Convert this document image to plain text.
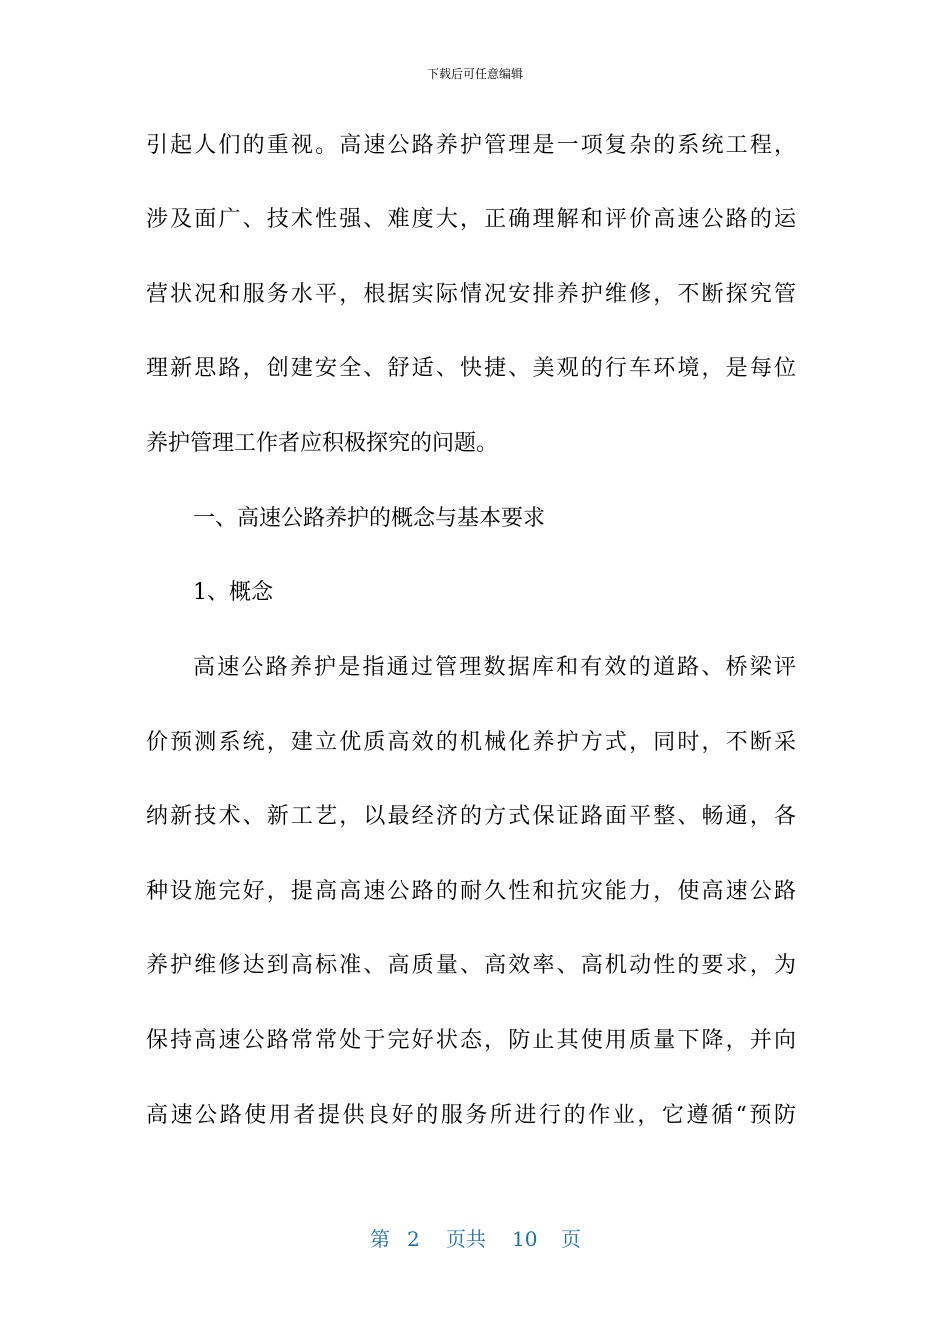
下载后可任意编辑
引起人们的重视。高速公路养护管理是一项复杂的系统工程，
涉及面广、技术性强、难度大，正确理解和评价高速公路的运
营状况和服务水平，根据实际情况安排养护维修，不断探究管
理新思路，创建安全、舒适、快捷、美观的行车环境，是每位
养护管理工作者应积极探究的问题。
一、高速公路养护的概念与基本要求
1、概念
高速公路养护是指通过管理数据库和有效的道路、桥梁评
价预测系统，建立优质高效的机械化养护方式，同时，不断采
纳新技术、新工艺，以最经济的方式保证路面平整、畅通，各
种设施完好，提高高速公路的耐久性和抗灾能力，使高速公路
养护维修达到高标准、高质量、高效率、高机动性的要求，为
保持高速公路常常处于完好状态，防止其使用质量下降，并向
高速公路使用者提供良好的服务所进行的作业，它遵循“预防
第 2 页共 10 页
